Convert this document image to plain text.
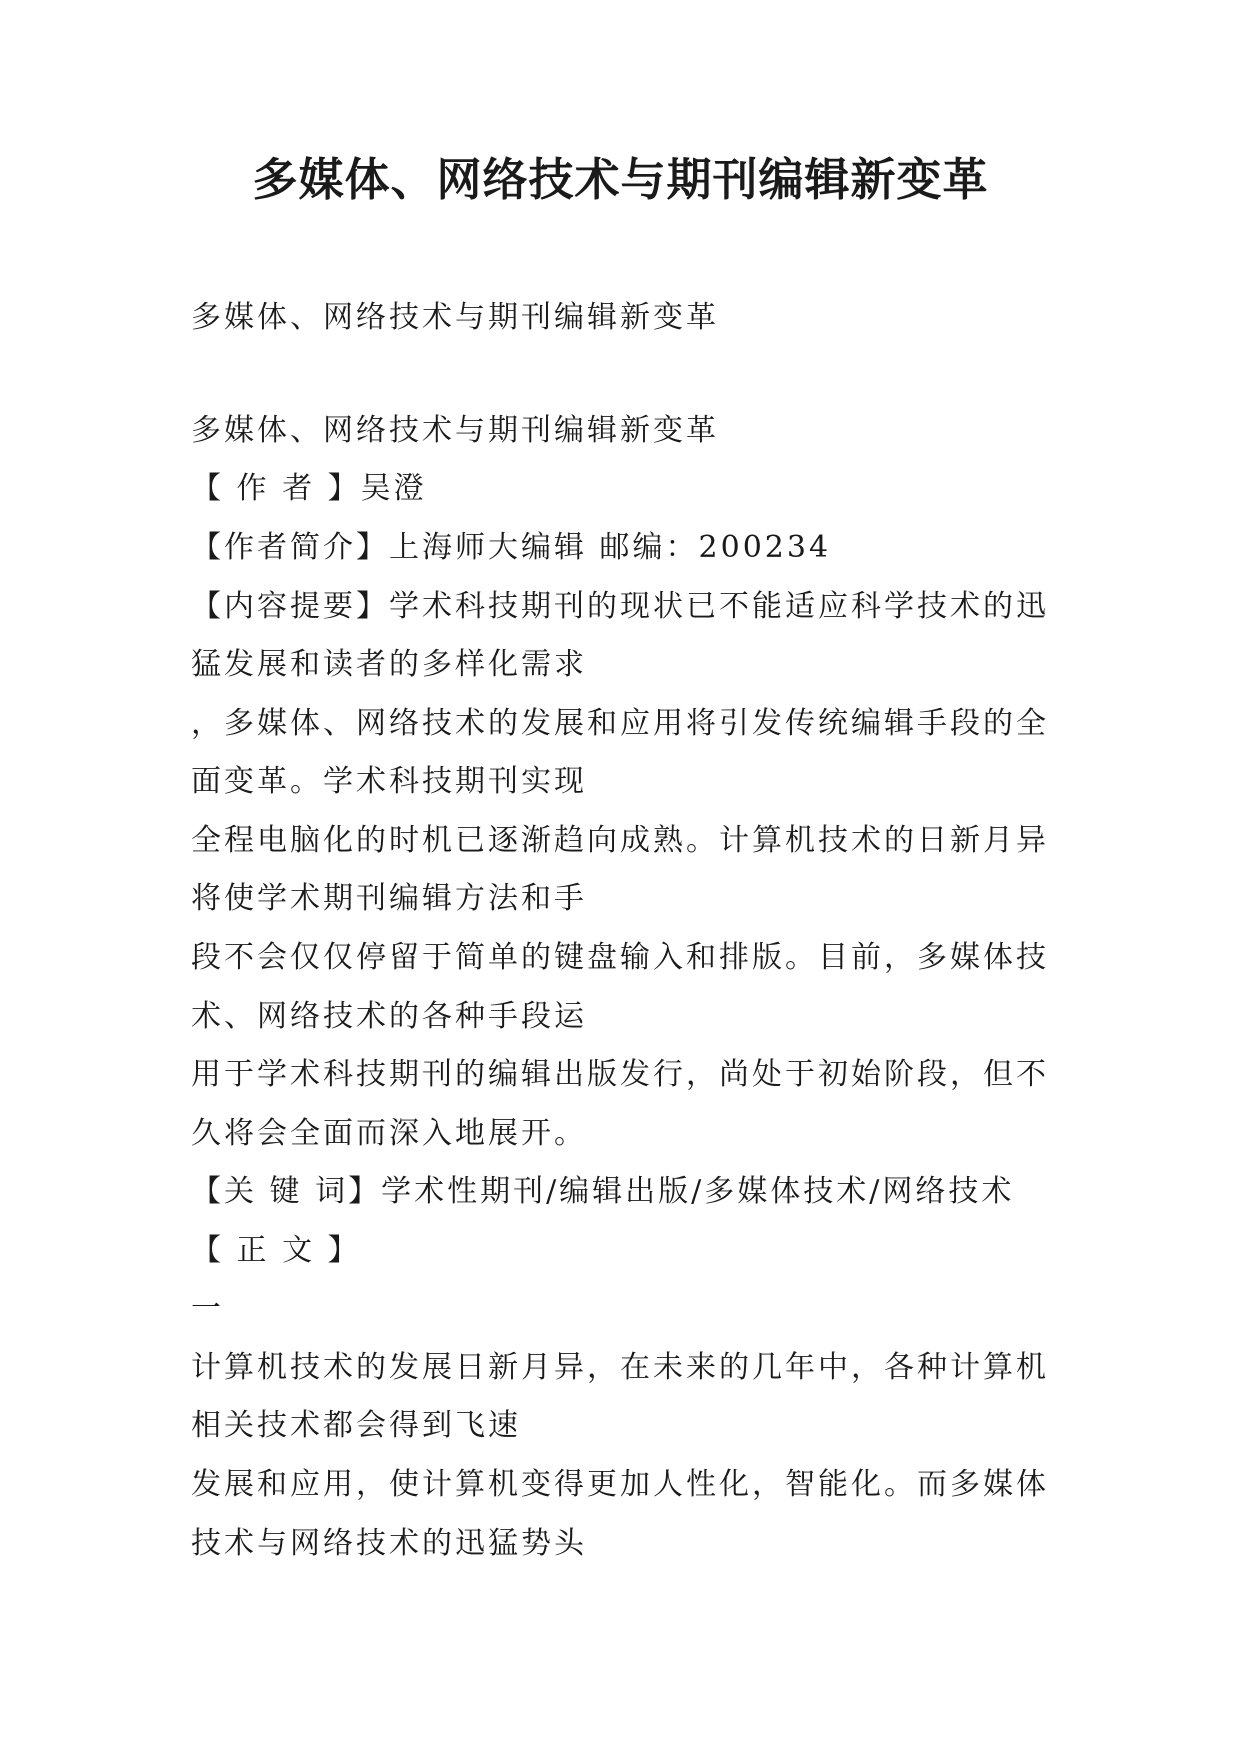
多媒体、网络技术与期刊编辑新变革

多媒体、网络技术与期刊编辑新变革

多媒体、网络技术与期刊编辑新变革

【 作 者 】吴澄

【作者简介】上海师大编辑 邮编：200234

【内容提要】学术科技期刊的现状已不能适应科学技术的迅

猛发展和读者的多样化需求

，多媒体、网络技术的发展和应用将引发传统编辑手段的全

面变革。学术科技期刊实现

全程电脑化的时机已逐渐趋向成熟。计算机技术的日新月异

将使学术期刊编辑方法和手

段不会仅仅停留于简单的键盘输入和排版。目前，多媒体技

术、网络技术的各种手段运

用于学术科技期刊的编辑出版发行，尚处于初始阶段，但不

久将会全面而深入地展开。

【关 键 词】学术性期刊/编辑出版/多媒体技术/网络技术

【 正 文 】

一

计算机技术的发展日新月异，在未来的几年中，各种计算机

相关技术都会得到飞速

发展和应用，使计算机变得更加人性化，智能化。而多媒体

技术与网络技术的迅猛势头
